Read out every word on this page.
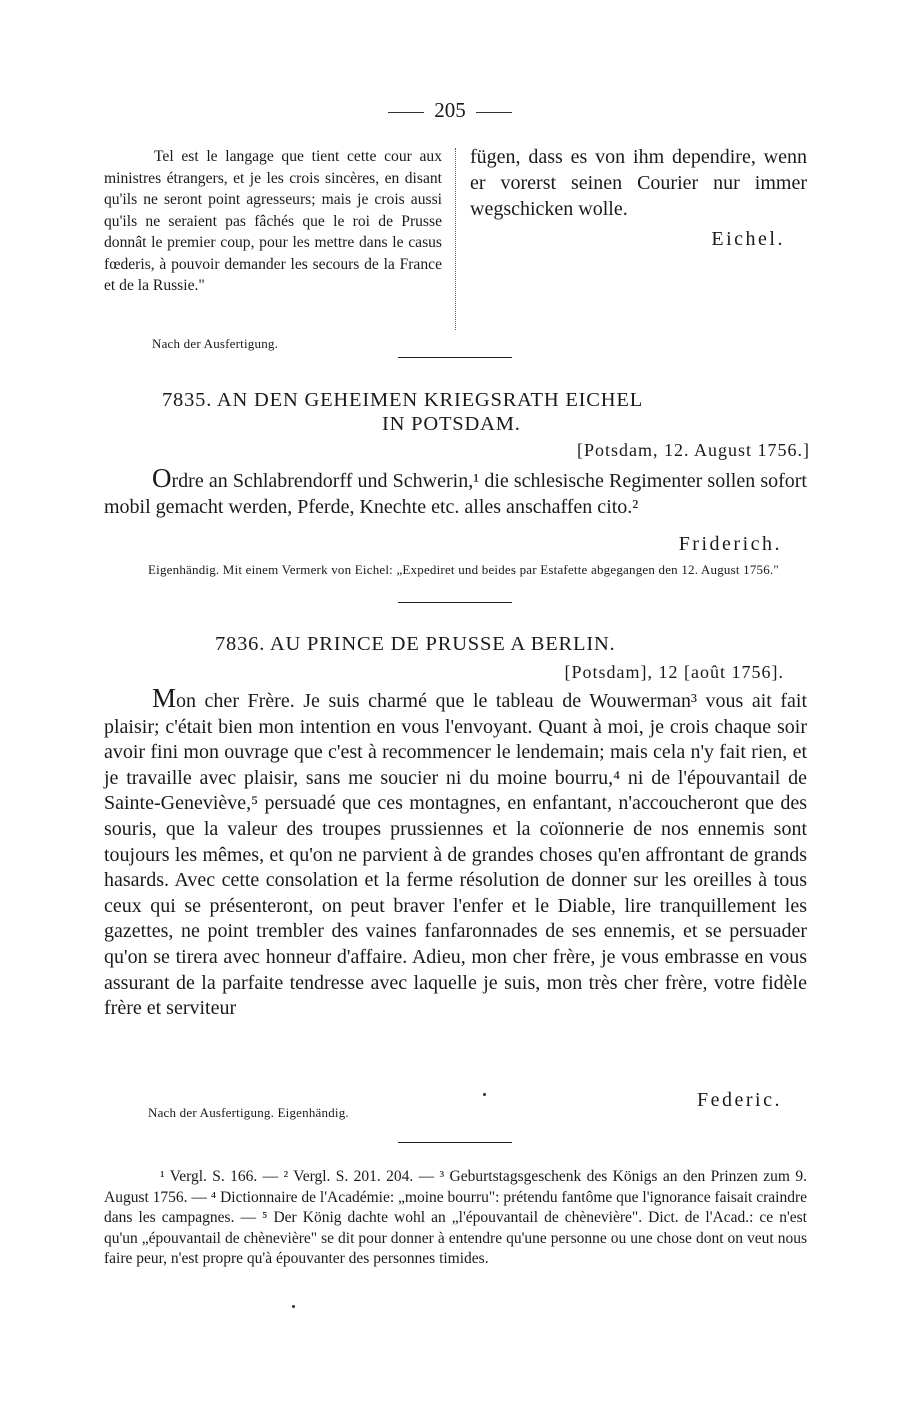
205

Tel est le langage que tient cette cour aux ministres étrangers, et je les crois sincères, en disant qu'ils ne seront point agresseurs; mais je crois aussi qu'ils ne seraient pas fâchés que le roi de Prusse donnât le premier coup, pour les mettre dans le casus fœderis, à pouvoir demander les secours de la France et de la Russie."

Nach der Ausfertigung.

fügen, dass es von ihm dependire, wenn er vorerst seinen Courier nur immer wegschicken wolle.

Eichel.

7835. AN DEN GEHEIMEN KRIEGSRATH EICHEL
IN POTSDAM.
[Potsdam, 12. August 1756.]

Ordre an Schlabrendorff und Schwerin,¹ die schlesische Regimenter sollen sofort mobil gemacht werden, Pferde, Knechte etc. alles anschaffen cito.²

Friderich.
Eigenhändig. Mit einem Vermerk von Eichel: „Expediret und beides par Estafette abgegangen den 12. August 1756."
7836. AU PRINCE DE PRUSSE A BERLIN.
[Potsdam], 12 [août 1756].

Mon cher Frère. Je suis charmé que le tableau de Wouwerman³ vous ait fait plaisir; c'était bien mon intention en vous l'envoyant. Quant à moi, je crois chaque soir avoir fini mon ouvrage que c'est à recommencer le lendemain; mais cela n'y fait rien, et je travaille avec plaisir, sans me soucier ni du moine bourru,⁴ ni de l'épouvantail de Sainte-Geneviève,⁵ persuadé que ces montagnes, en enfantant, n'accoucheront que des souris, que la valeur des troupes prussiennes et la coïonnerie de nos ennemis sont toujours les mêmes, et qu'on ne parvient à de grandes choses qu'en affrontant de grands hasards. Avec cette consolation et la ferme résolution de donner sur les oreilles à tous ceux qui se présenteront, on peut braver l'enfer et le Diable, lire tranquillement les gazettes, ne point trembler des vaines fanfaronnades de ses ennemis, et se persuader qu'on se tirera avec honneur d'affaire. Adieu, mon cher frère, je vous embrasse en vous assurant de la parfaite tendresse avec laquelle je suis, mon très cher frère, votre fidèle frère et serviteur

Federic.
Nach der Ausfertigung. Eigenhändig.

¹ Vergl. S. 166. — ² Vergl. S. 201. 204. — ³ Geburtstagsgeschenk des Königs an den Prinzen zum 9. August 1756. — ⁴ Dictionnaire de l'Académie: „moine bourru": prétendu fantôme que l'ignorance faisait craindre dans les campagnes. — ⁵ Der König dachte wohl an „l'épouvantail de chènevière". Dict. de l'Acad.: ce n'est qu'un „épouvantail de chènevière" se dit pour donner à entendre qu'une personne ou une chose dont on veut nous faire peur, n'est propre qu'à épouvanter des personnes timides.
